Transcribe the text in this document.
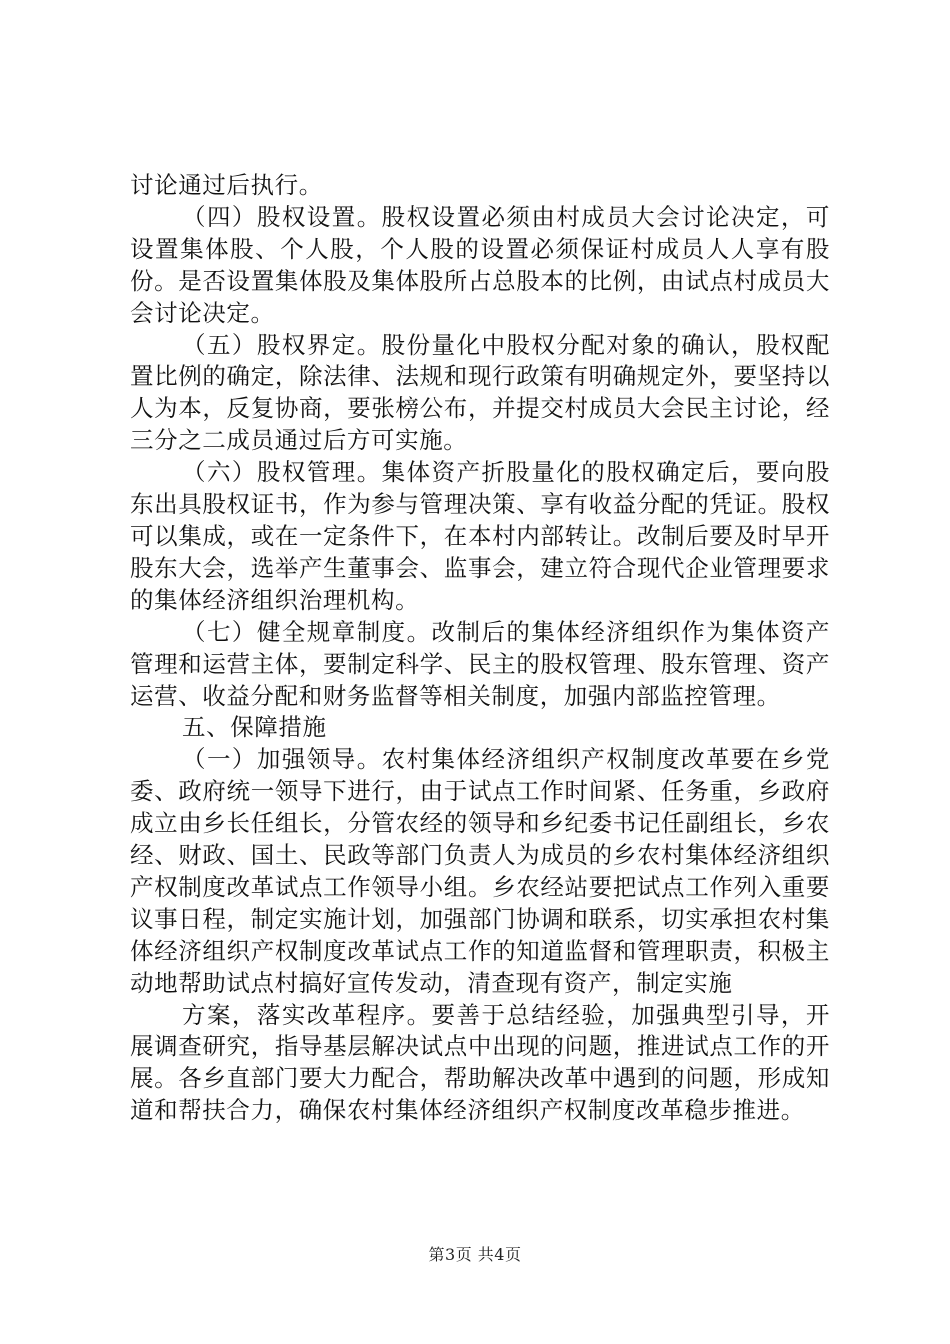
讨论通过后执行。

（四）股权设置。股权设置必须由村成员大会讨论决定，可设置集体股、个人股，个人股的设置必须保证村成员人人享有股份。是否设置集体股及集体股所占总股本的比例，由试点村成员大会讨论决定。

（五）股权界定。股份量化中股权分配对象的确认，股权配置比例的确定，除法律、法规和现行政策有明确规定外，要坚持以人为本，反复协商，要张榜公布，并提交村成员大会民主讨论，经三分之二成员通过后方可实施。

（六）股权管理。集体资产折股量化的股权确定后，要向股东出具股权证书，作为参与管理决策、享有收益分配的凭证。股权可以集成，或在一定条件下，在本村内部转让。改制后要及时早开股东大会，选举产生董事会、监事会，建立符合现代企业管理要求的集体经济组织治理机构。

（七）健全规章制度。改制后的集体经济组织作为集体资产管理和运营主体，要制定科学、民主的股权管理、股东管理、资产运营、收益分配和财务监督等相关制度，加强内部监控管理。

五、保障措施

（一）加强领导。农村集体经济组织产权制度改革要在乡党委、政府统一领导下进行，由于试点工作时间紧、任务重，乡政府成立由乡长任组长，分管农经的领导和乡纪委书记任副组长，乡农经、财政、国土、民政等部门负责人为成员的乡农村集体经济组织产权制度改革试点工作领导小组。乡农经站要把试点工作列入重要议事日程，制定实施计划，加强部门协调和联系，切实承担农村集体经济组织产权制度改革试点工作的知道监督和管理职责，积极主动地帮助试点村搞好宣传发动，清查现有资产，制定实施

方案，落实改革程序。要善于总结经验，加强典型引导，开展调查研究，指导基层解决试点中出现的问题，推进试点工作的开展。各乡直部门要大力配合，帮助解决改革中遇到的问题，形成知道和帮扶合力，确保农村集体经济组织产权制度改革稳步推进。

第3页 共4页
